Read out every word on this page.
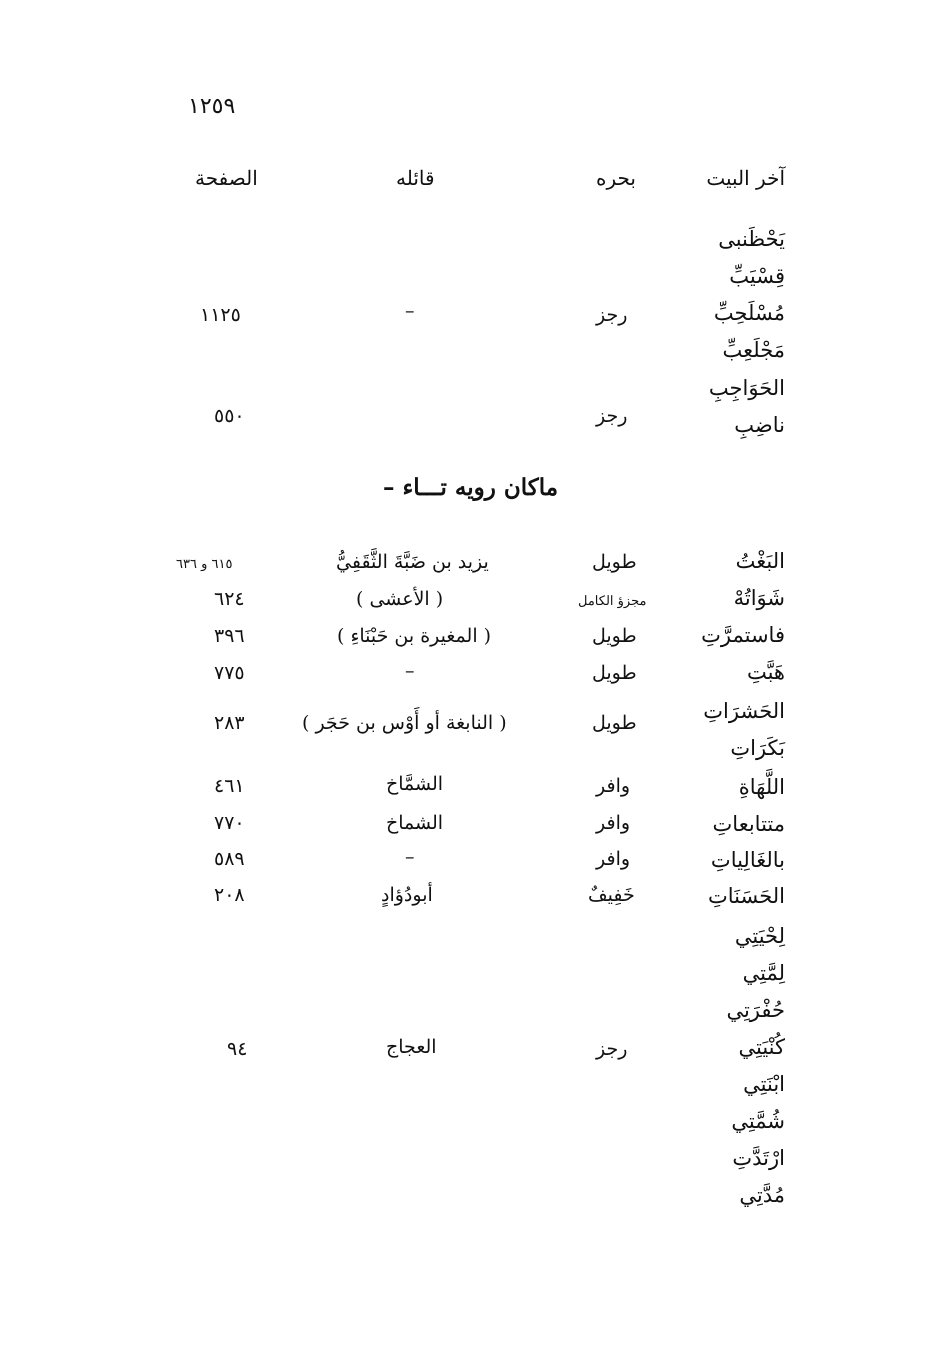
١٢٥٩
آخر البيت
بحره
قائله
الصفحة
يَحْظَنبى
قِسْيَبِّ
مُسْلَحِبِّ
مَجْلَعِبِّ
رجز
–
١١٢٥
الحَوَاجِبِ
ناضِبِ
رجز
٥٥٠
– ماكان رويه تـــاء
البَغْتُ
طويل
يزيد بن ضَبَّةَ الثَّقَفِيُّ
٦١٥ و ٦٣٦
شَوَاتُهْ
مجزؤ الكامل
( الأعشى )
٦٢٤
فاستمرَّتِ
طويل
( المغيرة بن حَبْنَاءِ )
٣٩٦
هَبَّتِ
طويل
–
٧٧٥
الحَشرَاتِ
بَكَرَاتِ
طويل
( النابغة أو أَوْس بن حَجَر )
٢٨٣
اللَّهَاةِ
وافر
الشمَّاخ
٤٦١
متتابعاتِ
وافر
الشماخ
٧٧٠
بالغَالِياتِ
وافر
–
٥٨٩
الحَسَنَاتِ
خَفِيفٌ
أبودُؤادٍ
٢٠٨
لِحْيَتِي
لِمَّتِي
حُفْرَتِي
كُنْيَتِي
ابْنَتِي
شُمَّتِي
ارْتَدَّتِ
مُدَّتِي
رجز
العجاج
٩٤
